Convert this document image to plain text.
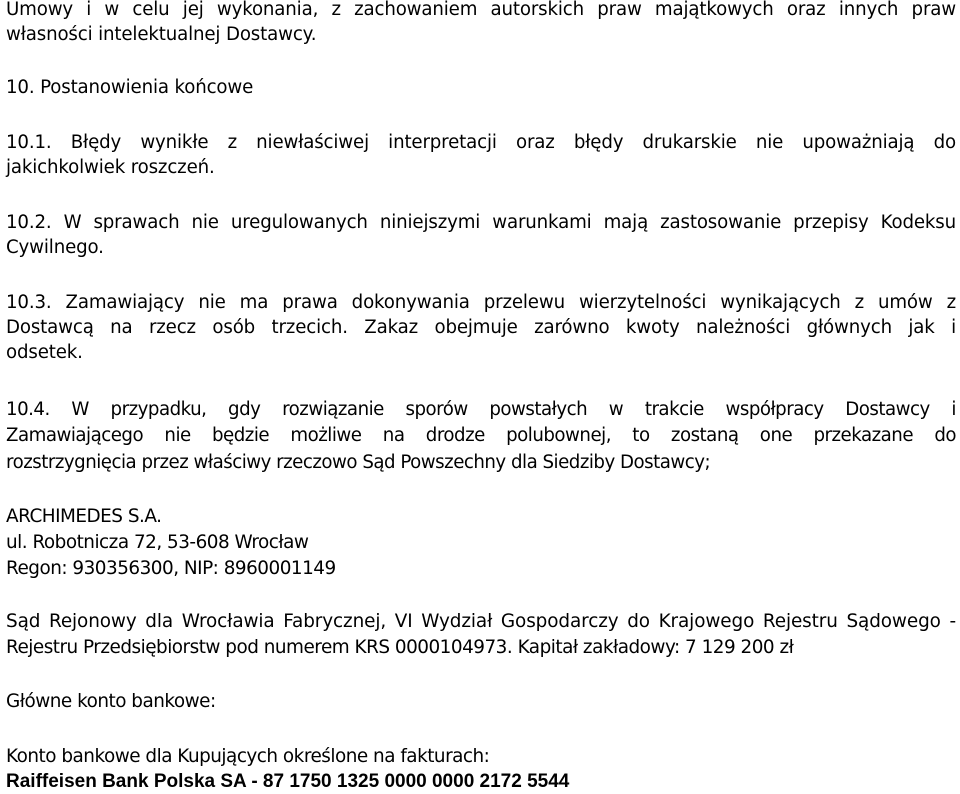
Umowy i w celu jej wykonania, z zachowaniem autorskich praw majątkowych oraz innych praw
własności intelektualnej Dostawcy.
10. Postanowienia końcowe
10.1. Błędy wynikłe z niewłaściwej interpretacji oraz błędy drukarskie nie upoważniają do
jakichkolwiek roszczeń.
10.2. W sprawach nie uregulowanych niniejszymi warunkami mają zastosowanie przepisy Kodeksu
Cywilnego.
10.3. Zamawiający nie ma prawa dokonywania przelewu wierzytelności wynikających z umów z
Dostawcą na rzecz osób trzecich. Zakaz obejmuje zarówno kwoty należności głównych jak i
odsetek.
10.4. W przypadku, gdy rozwiązanie sporów powstałych w trakcie współpracy Dostawcy i
Zamawiającego nie będzie możliwe na drodze polubownej, to zostaną one przekazane do
rozstrzygnięcia przez właściwy rzeczowo Sąd Powszechny dla Siedziby Dostawcy;
ARCHIMEDES S.A.
ul. Robotnicza 72, 53-608 Wrocław
Regon: 930356300, NIP: 8960001149
Sąd Rejonowy dla Wrocławia Fabrycznej, VI Wydział Gospodarczy do Krajowego Rejestru Sądowego -
Rejestru Przedsiębiorstw pod numerem KRS 0000104973. Kapitał zakładowy: 7 129 200 zł
Główne konto bankowe:
Konto bankowe dla Kupujących określone na fakturach:
Raiffeisen Bank Polska SA - 87 1750 1325 0000 0000 2172 5544
